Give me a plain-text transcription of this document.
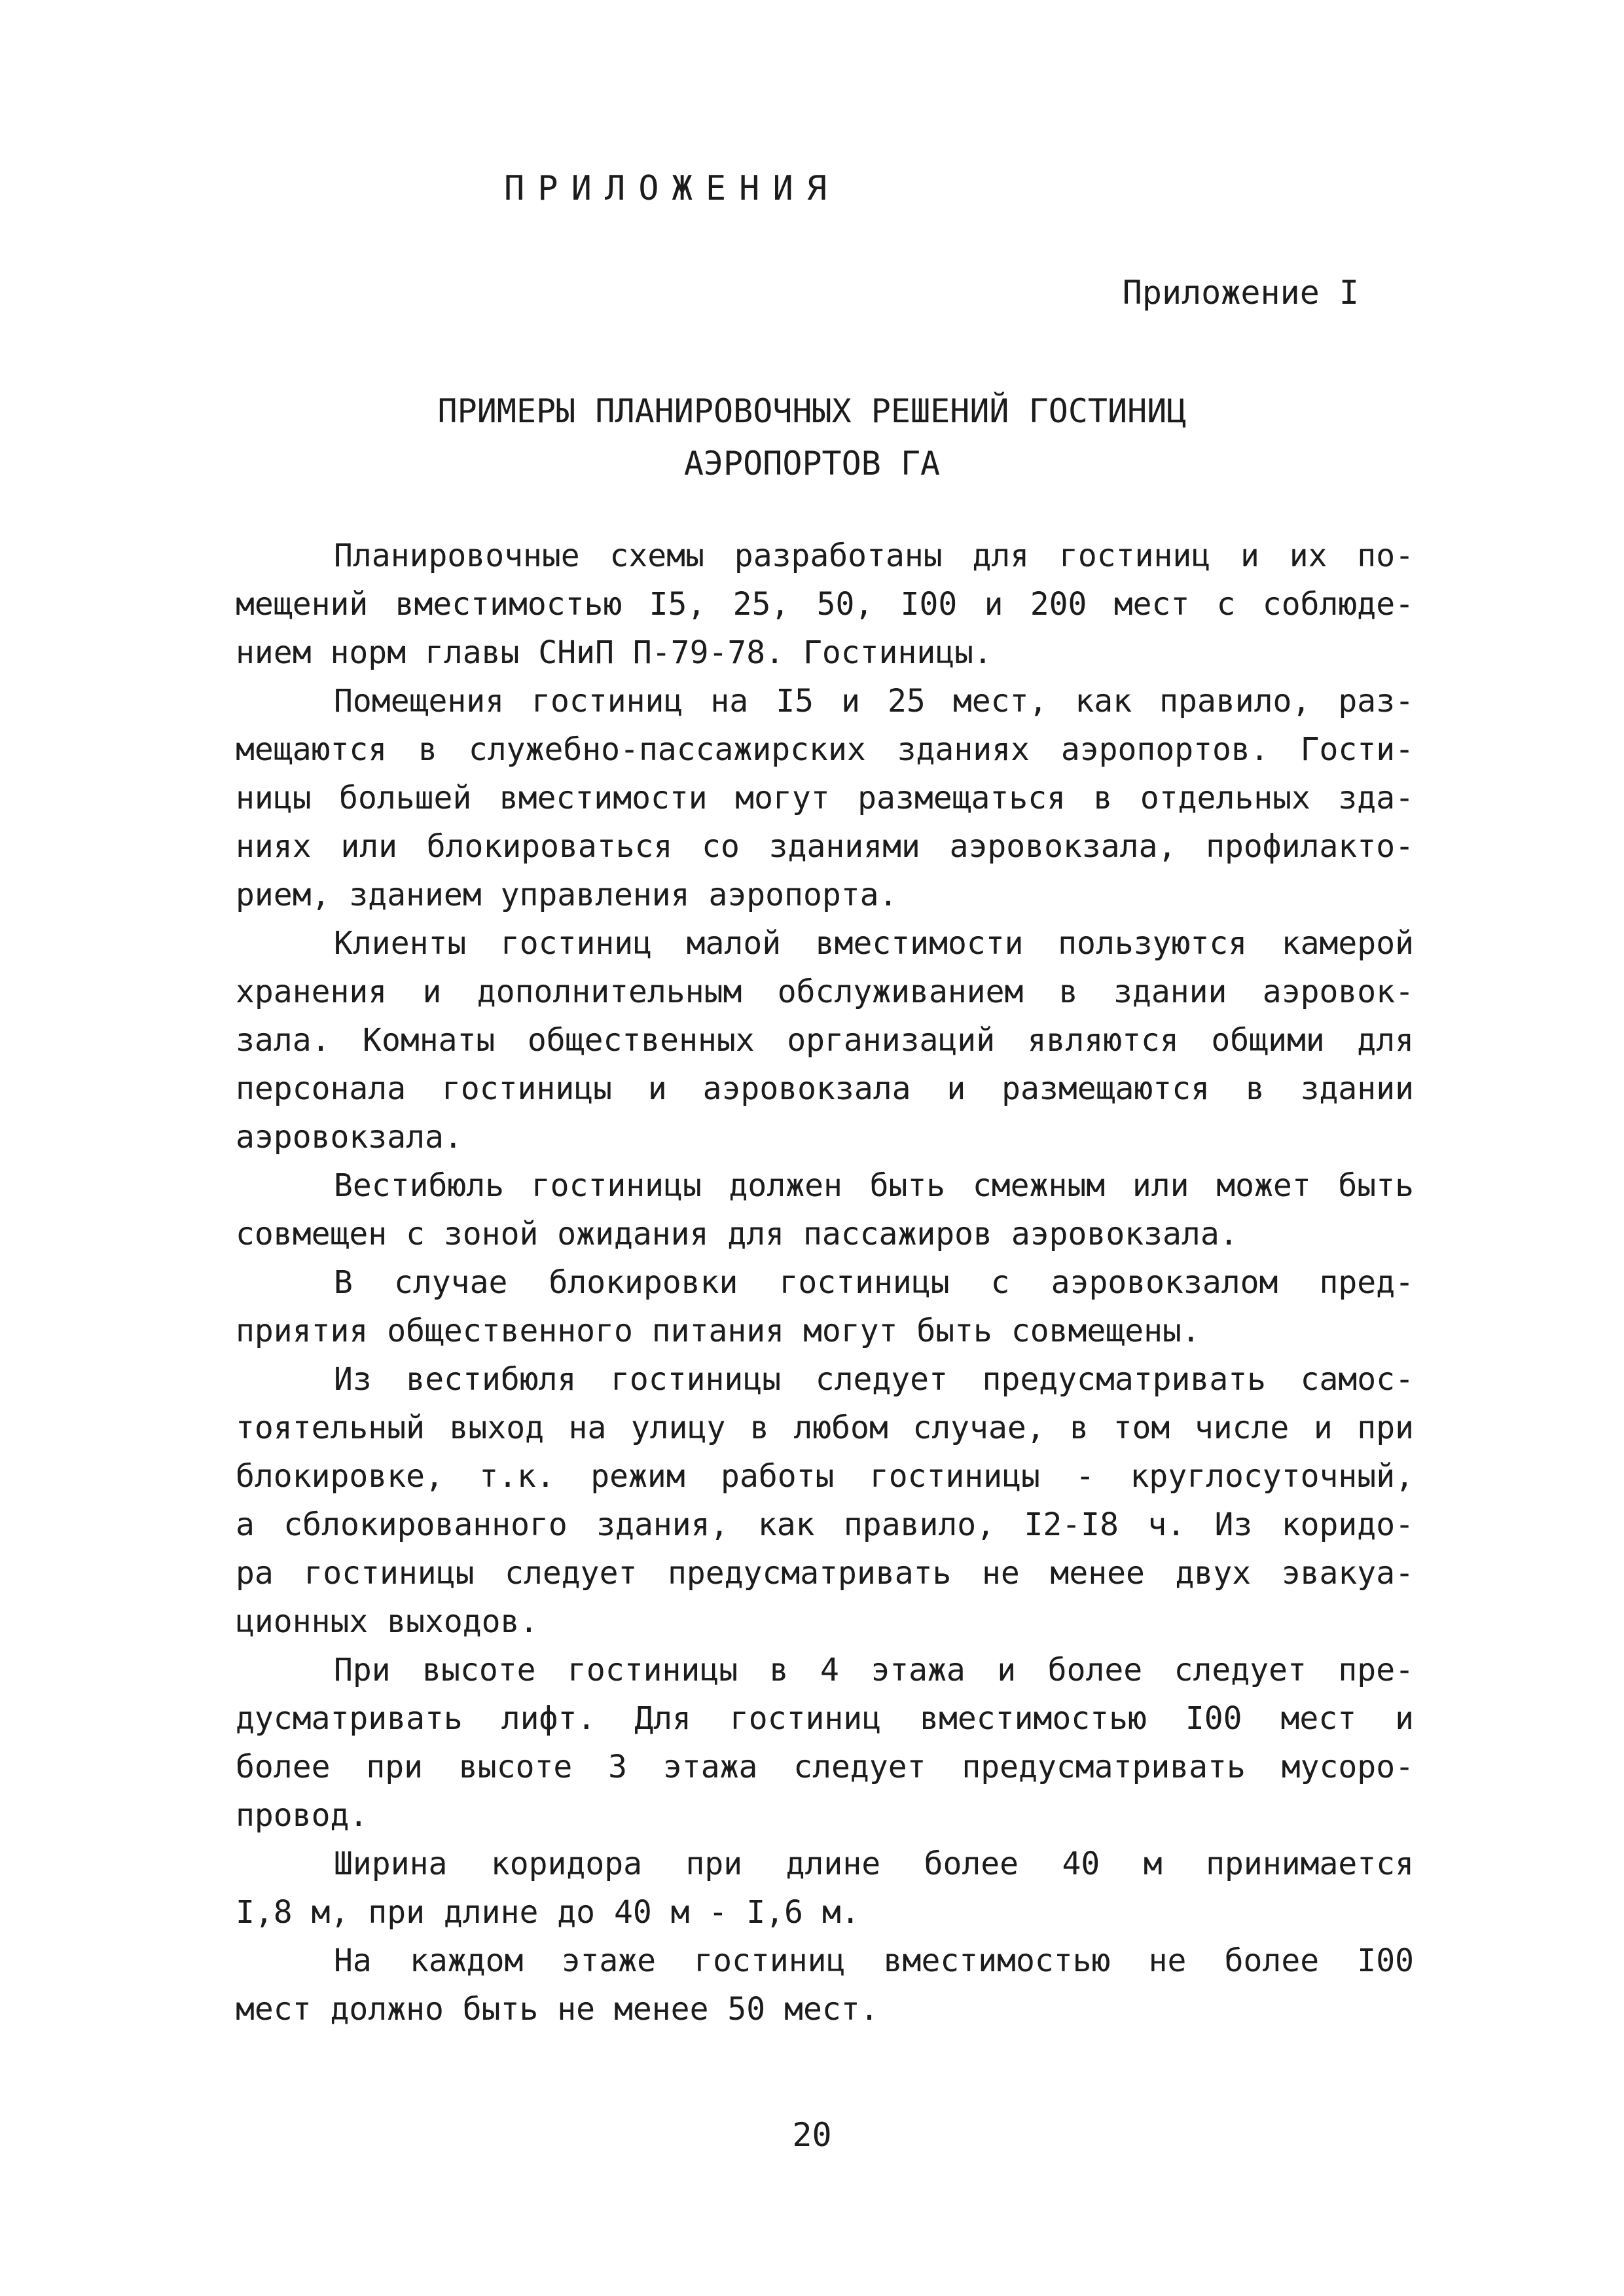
ПРИЛОЖЕНИЯ
Приложение I
ПРИМЕРЫ ПЛАНИРОВОЧНЫХ РЕШЕНИЙ ГОСТИНИЦ
АЭРОПОРТОВ ГА
Планировочные схемы разработаны для гостиниц и их по-
мещений вместимостью I5, 25, 50, I00 и 200 мест с соблюде-
нием норм главы СНиП П-79-78. Гостиницы.
Помещения гостиниц на I5 и 25 мест, как правило, раз-
мещаются в служебно-пассажирских зданиях аэропортов. Гости-
ницы большей вместимости могут размещаться в отдельных зда-
ниях или блокироваться со зданиями аэровокзала, профилакто-
рием, зданием управления аэропорта.
Клиенты гостиниц малой вместимости пользуются камерой
хранения и дополнительным обслуживанием в здании аэровок-
зала. Комнаты общественных организаций являются общими для
персонала гостиницы и аэровокзала и размещаются в здании
аэровокзала.
Вестибюль гостиницы должен быть смежным или может быть
совмещен с зоной ожидания для пассажиров аэровокзала.
В случае блокировки гостиницы с аэровокзалом пред-
приятия общественного питания могут быть совмещены.
Из вестибюля гостиницы следует предусматривать самос-
тоятельный выход на улицу в любом случае, в том числе и при
блокировке, т.к. режим работы гостиницы - круглосуточный,
а сблокированного здания, как правило, I2-I8 ч. Из коридо-
ра гостиницы следует предусматривать не менее двух эвакуа-
ционных выходов.
При высоте гостиницы в 4 этажа и более следует пре-
дусматривать лифт. Для гостиниц вместимостью I00 мест и
более при высоте 3 этажа следует предусматривать мусоро-
провод.
Ширина коридора при длине более 40 м принимается
I,8 м, при длине до 40 м - I,6 м.
На каждом этаже гостиниц вместимостью не более I00
мест должно быть не менее 50 мест.
20
